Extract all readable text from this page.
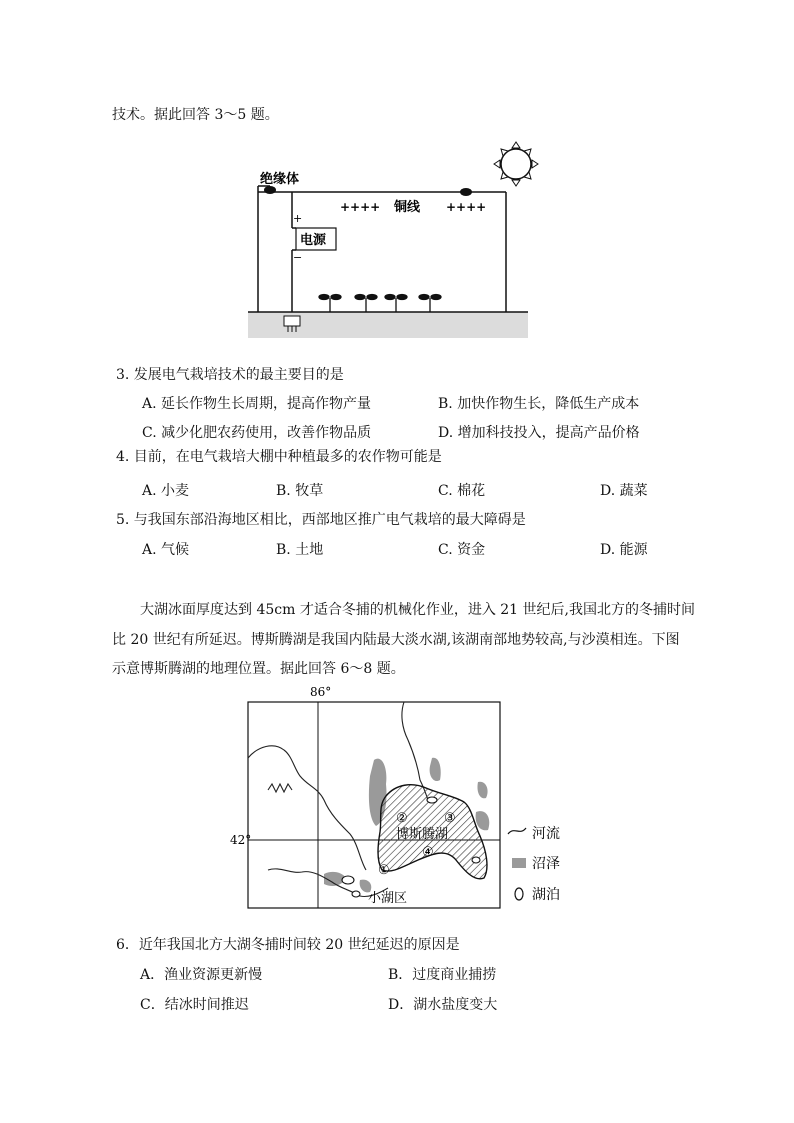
技术。据此回答 3～5 题。
电源
+
−
绝缘体
++++ 铜线 ++++
3. 发展电气栽培技术的最主要目的是
A. 延长作物生长周期，提高作物产量	B. 加快作物生长，降低生产成本
C. 减少化肥农药使用，改善作物品质	D. 增加科技投入，提高产品价格
4. 目前，在电气栽培大棚中种植最多的农作物可能是
A. 小麦	B. 牧草	C. 棉花	D. 蔬菜
5. 与我国东部沿海地区相比，西部地区推广电气栽培的最大障碍是
A. 气候	B. 土地	C. 资金	D. 能源
大湖冰面厚度达到 45cm 才适合冬捕的机械化作业，进入 21 世纪后,我国北方的冬捕时间
比 20 世纪有所延迟。博斯腾湖是我国内陆最大淡水湖,该湖南部地势较高,与沙漠相连。下图
示意博斯腾湖的地理位置。据此回答 6～8 题。
86°
42°	博斯腾湖
小湖区
①
②	③
④
河流
沼泽
湖泊
6．近年我国北方大湖冬捕时间较 20 世纪延迟的原因是
A．渔业资源更新慢	B．过度商业捕捞
C．结冰时间推迟	D．湖水盐度变大
